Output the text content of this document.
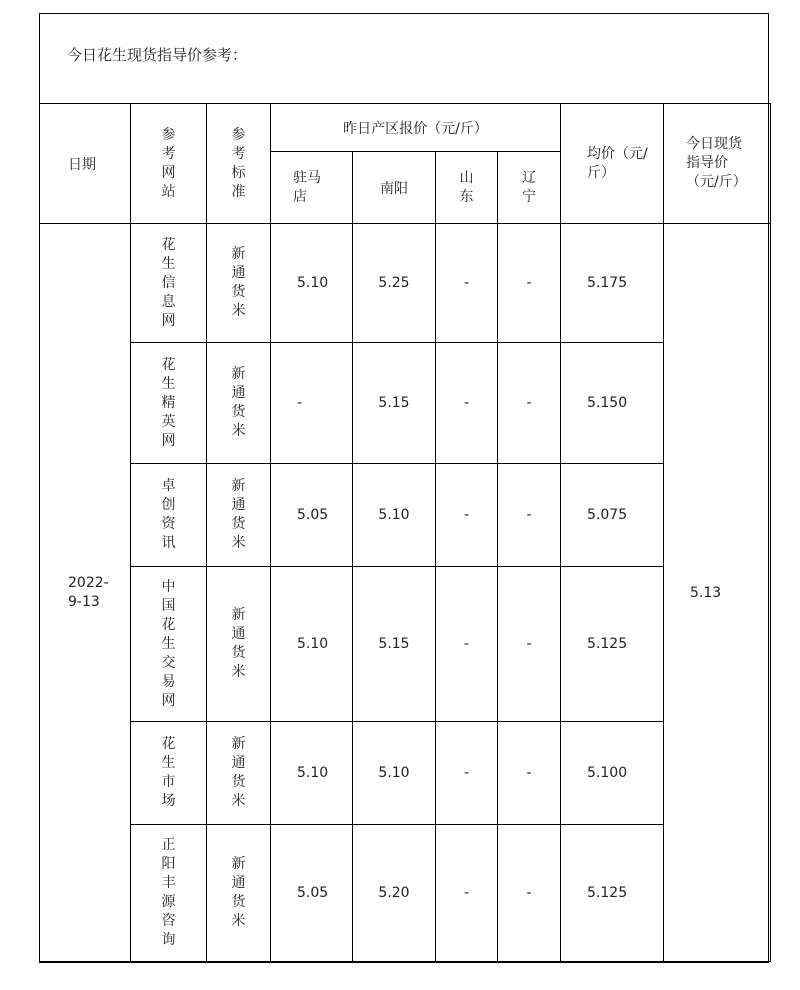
今日花生现货指导价参考：
日期	参考网站	参考标准	昨日产区报价（元/斤）				均价（元/斤）	今日现货指导价（元/斤）
			驻马店	南阳	山东	辽宁		

2022-9-13	花生信息网	新通货米	5.10	5.25	-	-	5.175	5.13

	花生精英网	新通货米	-	5.15	-	-	5.150	

	卓创资讯	新通货米	5.05	5.10	-	-	5.075	

	中国花生交易网	新通货米	5.10	5.15	-	-	5.125	

	花生市场	新通货米	5.10	5.10	-	-	5.100	

	正阳丰源咨询	新通货米	5.05	5.20	-	-	5.125	
